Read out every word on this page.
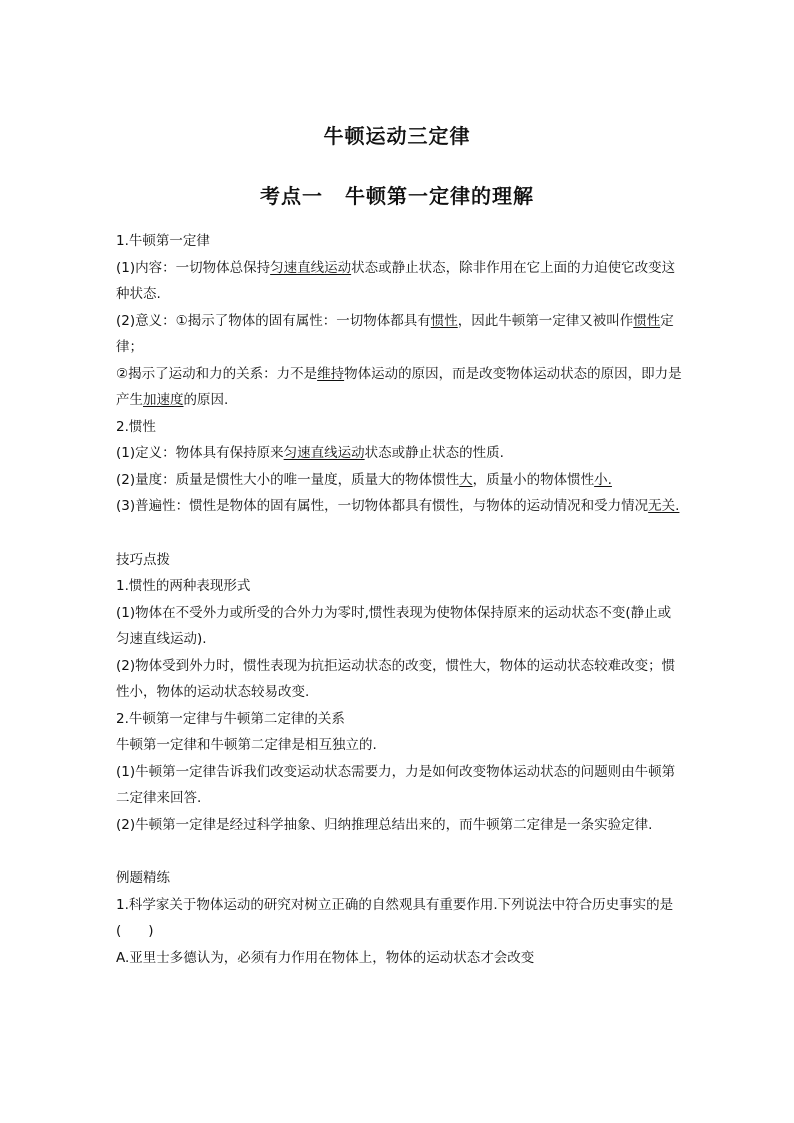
牛顿运动三定律
考点一 牛顿第一定律的理解

1.牛顿第一定律

(1)内容：一切物体总保持匀速直线运动状态或静止状态，除非作用在它上面的力迫使它改变这种状态.

(2)意义：①揭示了物体的固有属性：一切物体都具有惯性，因此牛顿第一定律又被叫作惯性定律；

②揭示了运动和力的关系：力不是维持物体运动的原因，而是改变物体运动状态的原因，即力是产生加速度的原因.

2.惯性

(1)定义：物体具有保持原来匀速直线运动状态或静止状态的性质.

(2)量度：质量是惯性大小的唯一量度，质量大的物体惯性大，质量小的物体惯性小.

(3)普遍性：惯性是物体的固有属性，一切物体都具有惯性，与物体的运动情况和受力情况无关.

技巧点拨

1.惯性的两种表现形式

(1)物体在不受外力或所受的合外力为零时,惯性表现为使物体保持原来的运动状态不变(静止或匀速直线运动).

(2)物体受到外力时，惯性表现为抗拒运动状态的改变，惯性大，物体的运动状态较难改变；惯性小，物体的运动状态较易改变.

2.牛顿第一定律与牛顿第二定律的关系

牛顿第一定律和牛顿第二定律是相互独立的.

(1)牛顿第一定律告诉我们改变运动状态需要力，力是如何改变物体运动状态的问题则由牛顿第二定律来回答.

(2)牛顿第一定律是经过科学抽象、归纳推理总结出来的，而牛顿第二定律是一条实验定律.

例题精练

1.科学家关于物体运动的研究对树立正确的自然观具有重要作用.下列说法中符合历史事实的是(　　)

A.亚里士多德认为，必须有力作用在物体上，物体的运动状态才会改变
